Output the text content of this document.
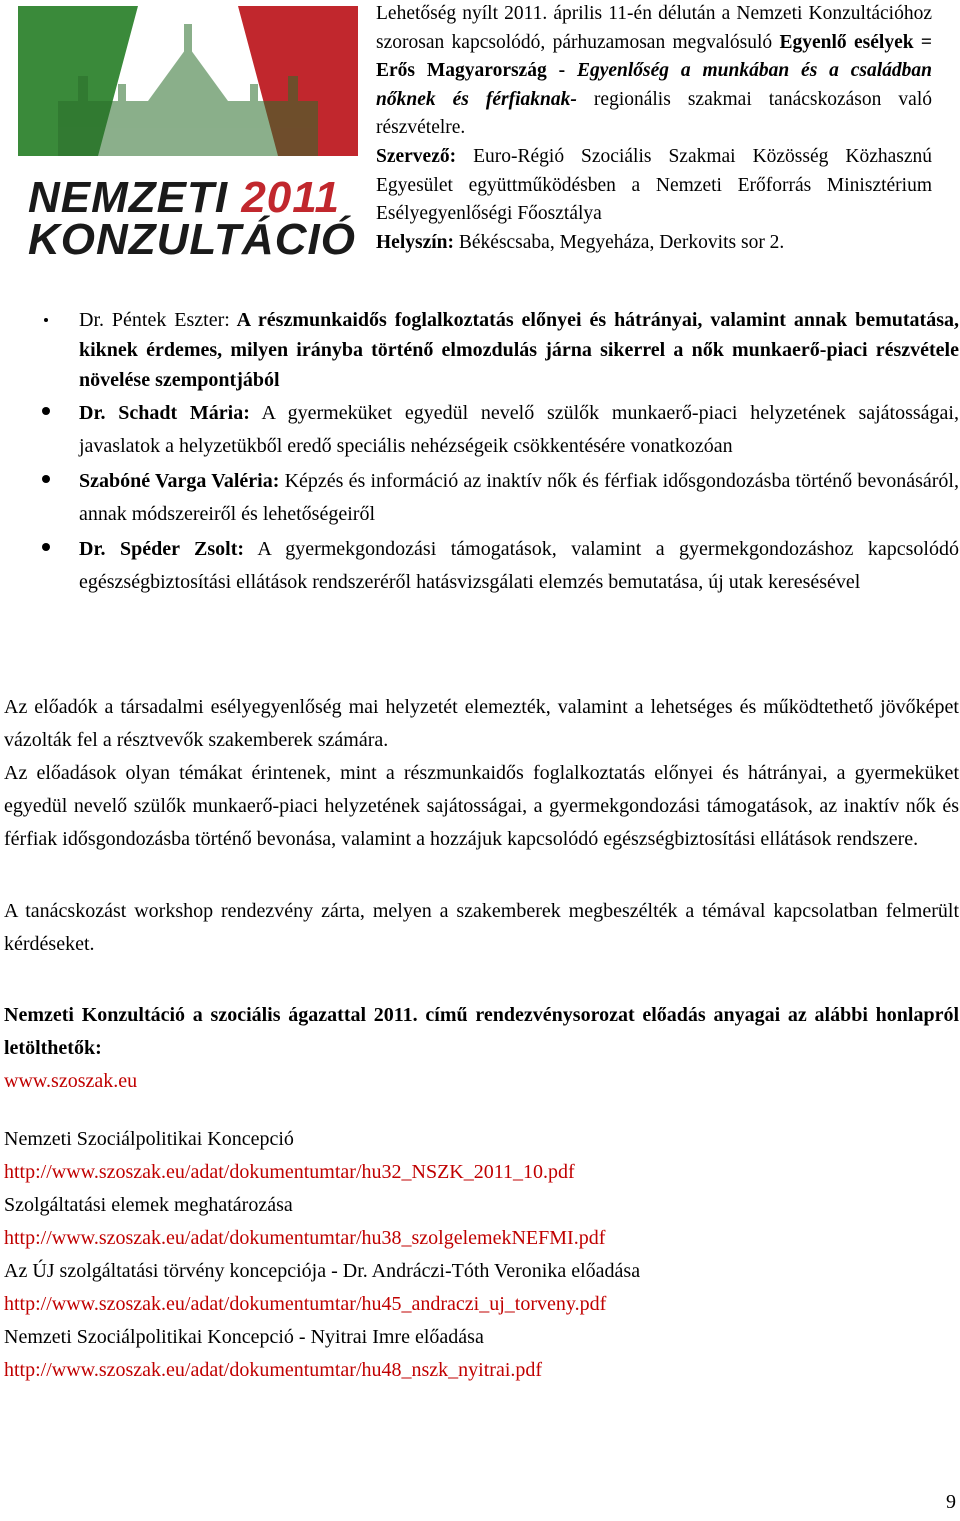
NEMZETI 2011
KONZULTÁCIÓ

Lehetőség nyílt 2011. április 11-én délután a Nemzeti Konzultációhoz szorosan kapcsolódó, párhuzamosan megvalósuló Egyenlő esélyek = Erős Magyarország - Egyenlőség a munkában és a családban nőknek és férfiaknak- regionális szakmai tanácskozáson való részvételre.

Szervező: Euro-Régió Szociális Szakmai Közösség Közhasznú Egyesület együttműködésben a Nemzeti Erőforrás Minisztérium Esélyegyenlőségi Főosztálya

Helyszín: Békéscsaba, Megyeháza, Derkovits sor 2.

Dr. Péntek Eszter: A részmunkaidős foglalkoztatás előnyei és hátrányai, valamint annak bemutatása, kiknek érdemes, milyen irányba történő elmozdulás járna sikerrel a nők munkaerő-piaci részvétele növelése szempontjából
Dr. Schadt Mária: A gyermeküket egyedül nevelő szülők munkaerő-piaci helyzetének sajátosságai, javaslatok a helyzetükből eredő speciális nehézségeik csökkentésére vonatkozóan
Szabóné Varga Valéria: Képzés és információ az inaktív nők és férfiak idősgondozásba történő bevonásáról, annak módszereiről és lehetőségeiről
Dr. Spéder Zsolt: A gyermekgondozási támogatások, valamint a gyermekgondozáshoz kapcsolódó egészségbiztosítási ellátások rendszeréről hatásvizsgálati elemzés bemutatása, új utak keresésével

Az előadók a társadalmi esélyegyenlőség mai helyzetét elemezték, valamint a lehetséges és működtethető jövőképet vázolták fel a résztvevők szakemberek számára.

Az előadások olyan témákat érintenek, mint a részmunkaidős foglalkoztatás előnyei és hátrányai, a gyermeküket egyedül nevelő szülők munkaerő-piaci helyzetének sajátosságai, a gyermekgondozási támogatások, az inaktív nők és férfiak idősgondozásba történő bevonása, valamint a hozzájuk kapcsolódó egészségbiztosítási ellátások rendszere.

A tanácskozást workshop rendezvény zárta, melyen a szakemberek megbeszélték a témával kapcsolatban felmerült kérdéseket.

Nemzeti Konzultáció a szociális ágazattal 2011. című rendezvénysorozat előadás anyagai az alábbi honlapról letölthetők:

www.szoszak.eu
Nemzeti Szociálpolitikai Koncepció
http://www.szoszak.eu/adat/dokumentumtar/hu32_NSZK_2011_10.pdf
Szolgáltatási elemek meghatározása
http://www.szoszak.eu/adat/dokumentumtar/hu38_szolgelemekNEFMI.pdf
Az ÚJ szolgáltatási törvény koncepciója - Dr. Andráczi-Tóth Veronika előadása
http://www.szoszak.eu/adat/dokumentumtar/hu45_andraczi_uj_torveny.pdf
Nemzeti Szociálpolitikai Koncepció - Nyitrai Imre előadása
http://www.szoszak.eu/adat/dokumentumtar/hu48_nszk_nyitrai.pdf
9
